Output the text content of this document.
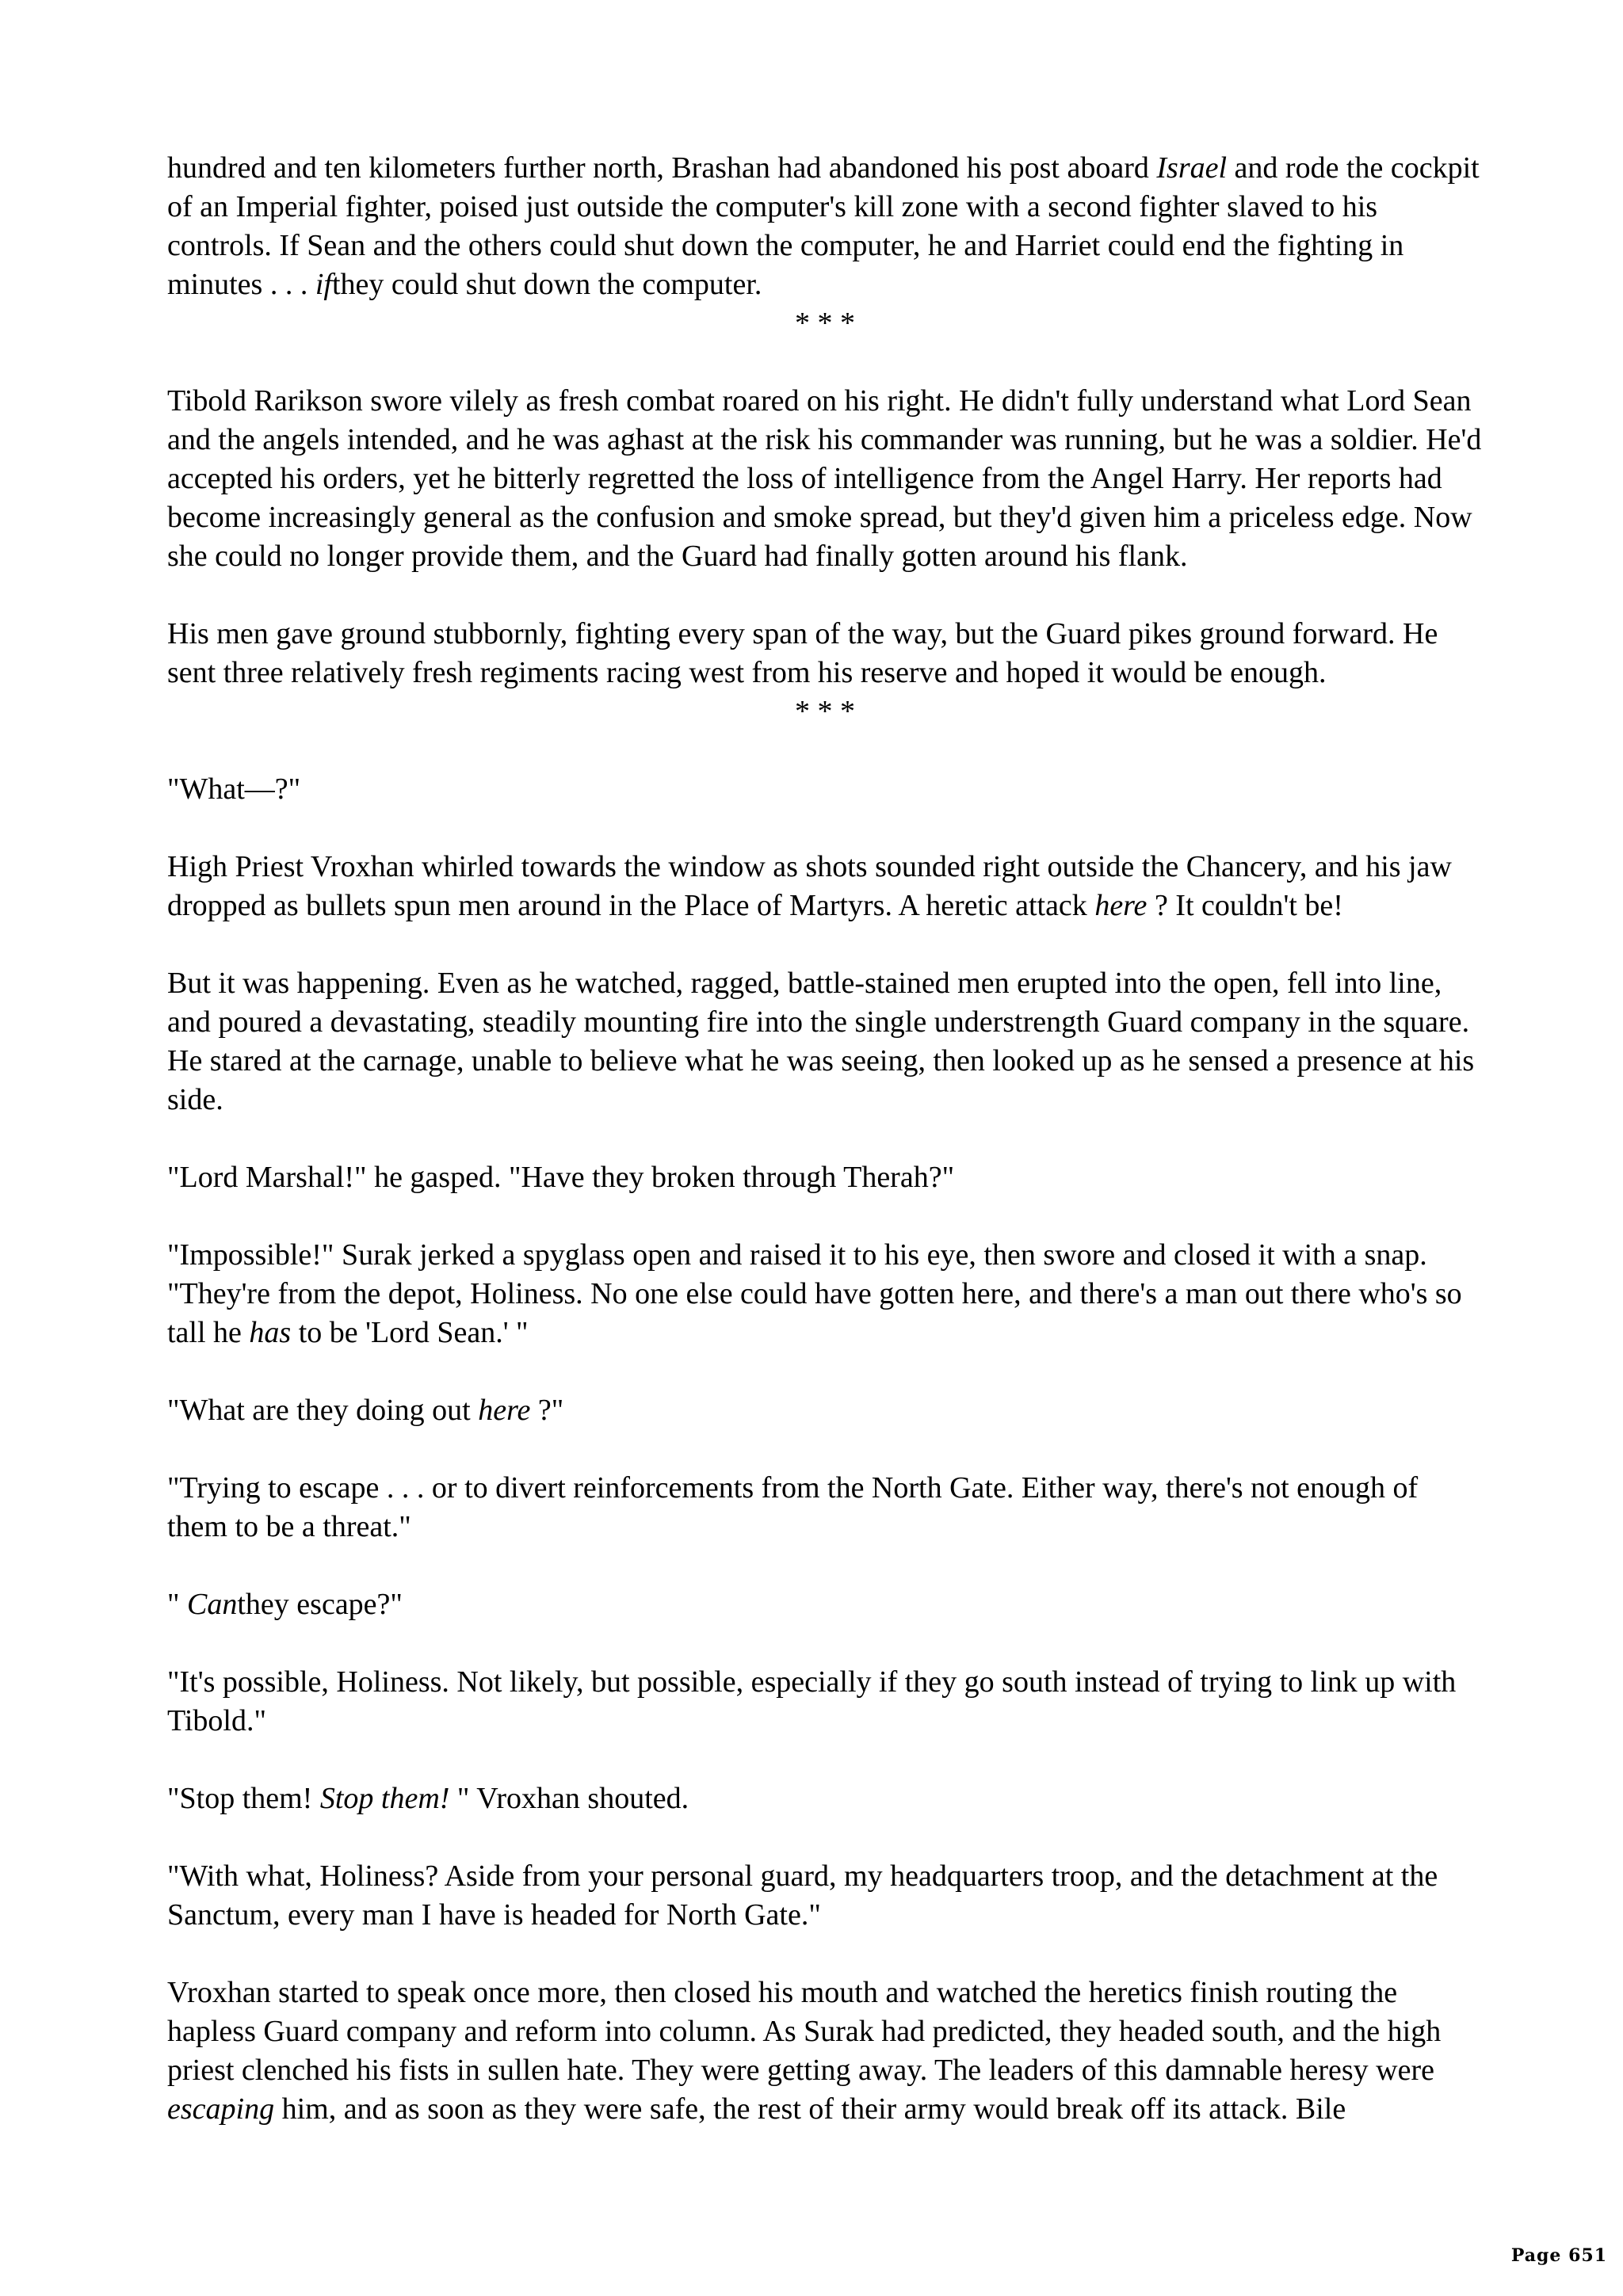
hundred and ten kilometers further north, Brashan had abandoned his post aboard Israel and rode the cockpit of an Imperial fighter, poised just outside the computer's kill zone with a second fighter slaved to his controls. If Sean and the others could shut down the computer, he and Harriet could end the fighting in minutes . . . ifthey could shut down the computer.

* * *

Tibold Rarikson swore vilely as fresh combat roared on his right. He didn't fully understand what Lord Sean and the angels intended, and he was aghast at the risk his commander was running, but he was a soldier. He'd accepted his orders, yet he bitterly regretted the loss of intelligence from the Angel Harry. Her reports had become increasingly general as the confusion and smoke spread, but they'd given him a priceless edge. Now she could no longer provide them, and the Guard had finally gotten around his flank.

His men gave ground stubbornly, fighting every span of the way, but the Guard pikes ground forward. He sent three relatively fresh regiments racing west from his reserve and hoped it would be enough.

* * *

"What—?"

High Priest Vroxhan whirled towards the window as shots sounded right outside the Chancery, and his jaw dropped as bullets spun men around in the Place of Martyrs. A heretic attack here ? It couldn't be!

But it was happening. Even as he watched, ragged, battle-stained men erupted into the open, fell into line, and poured a devastating, steadily mounting fire into the single understrength Guard company in the square. He stared at the carnage, unable to believe what he was seeing, then looked up as he sensed a presence at his side.

"Lord Marshal!" he gasped. "Have they broken through Therah?"

"Impossible!" Surak jerked a spyglass open and raised it to his eye, then swore and closed it with a snap. "They're from the depot, Holiness. No one else could have gotten here, and there's a man out there who's so tall he has to be 'Lord Sean.' "

"What are they doing out here ?"

"Trying to escape . . . or to divert reinforcements from the North Gate. Either way, there's not enough of them to be a threat."

" Canthey escape?"

"It's possible, Holiness. Not likely, but possible, especially if they go south instead of trying to link up with Tibold."

"Stop them! Stop them! " Vroxhan shouted.

"With what, Holiness? Aside from your personal guard, my headquarters troop, and the detachment at the Sanctum, every man I have is headed for North Gate."

Vroxhan started to speak once more, then closed his mouth and watched the heretics finish routing the hapless Guard company and reform into column. As Surak had predicted, they headed south, and the high priest clenched his fists in sullen hate. They were getting away. The leaders of this damnable heresy were escaping him, and as soon as they were safe, the rest of their army would break off its attack. Bile

Page 651
